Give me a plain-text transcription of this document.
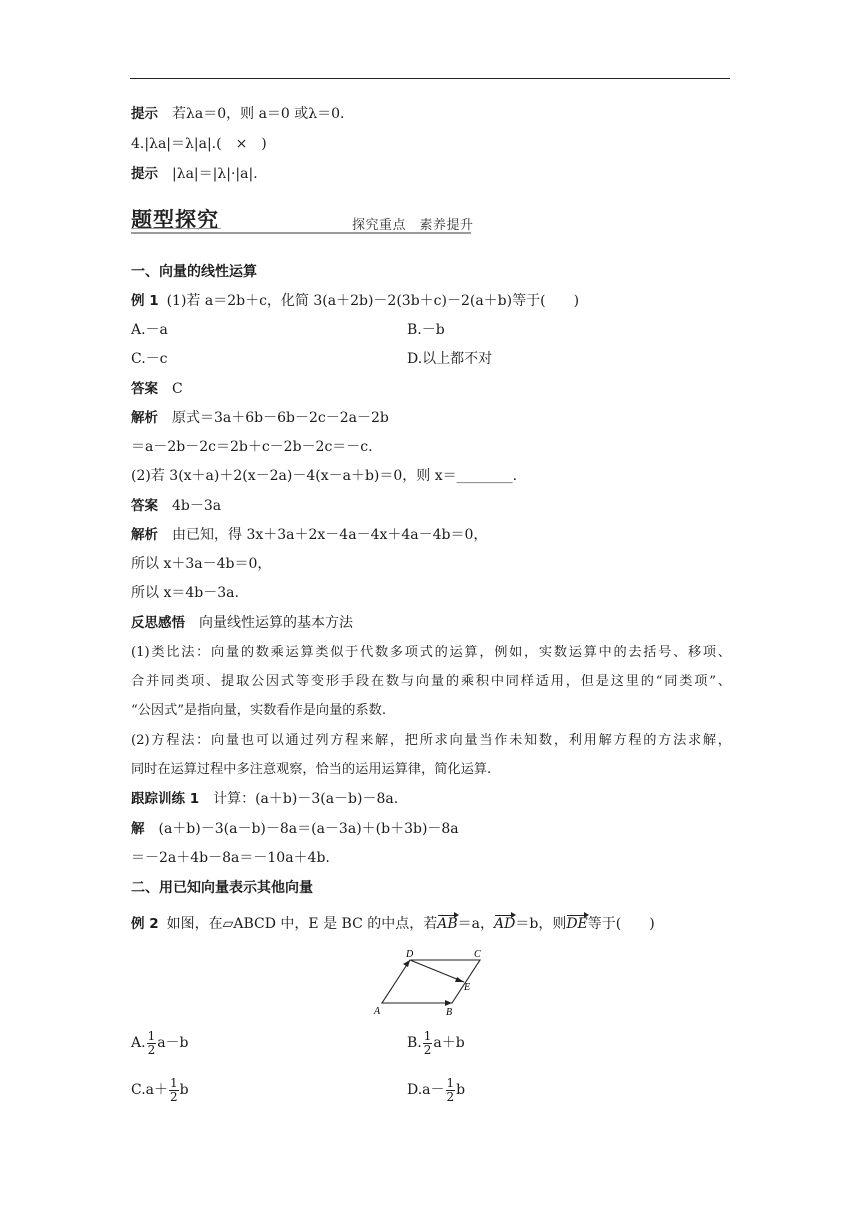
提示 若λa＝0，则 a＝0 或λ＝0.
4.|λa|＝λ|a|.(　×　)
提示 |λa|＝|λ|·|a|.
题型探究	探究重点　素养提升
一、向量的线性运算
例 1 (1)若 a＝2b＋c，化简 3(a＋2b)－2(3b＋c)－2(a＋b)等于(　　)
A.－a	B.－b
C.－c	D.以上都不对
答案 C
解析 原式＝3a＋6b－6b－2c－2a－2b
＝a－2b－2c＝2b＋c－2b－2c＝－c.
(2)若 3(x＋a)＋2(x－2a)－4(x－a＋b)＝0，则 x＝________.
答案 4b－3a
解析 由已知，得 3x＋3a＋2x－4a－4x＋4a－4b＝0，
所以 x＋3a－4b＝0，
所以 x＝4b－3a.
反思感悟 向量线性运算的基本方法
(1)类比法：向量的数乘运算类似于代数多项式的运算，例如，实数运算中的去括号、移项、
合并同类项、提取公因式等变形手段在数与向量的乘积中同样适用，但是这里的“同类项”、
“公因式”是指向量，实数看作是向量的系数.
(2)方程法：向量也可以通过列方程来解，把所求向量当作未知数，利用解方程的方法求解，
同时在运算过程中多注意观察，恰当的运用运算律，简化运算.
跟踪训练 1 计算：(a＋b)－3(a－b)－8a.
解 (a＋b)－3(a－b)－8a＝(a－3a)＋(b＋3b)－8a
＝－2a＋4b－8a＝－10a＋4b.
二、用已知向量表示其他向量
例 2 如图，在▱ABCD 中，E 是 BC 的中点，若AB＝a，AD＝b，则DE等于(　　)
A	B
C
D
E
A. $\frac{1}{2} a-b$	B. $\frac{1}{2} a+b$
$C.a+ \frac{1}{2}$ b	$D.a- \frac{1}{2}$ b
